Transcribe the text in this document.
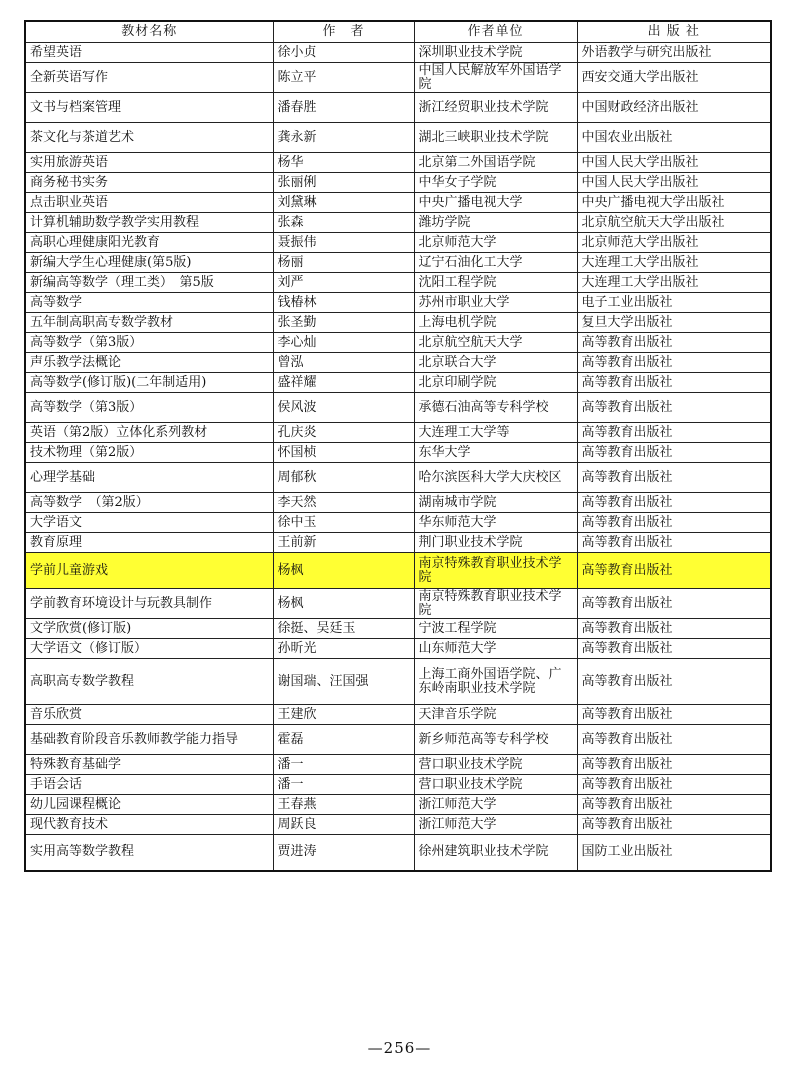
教材名称	作　者	作者单位	出 版 社
希望英语	徐小贞	深圳职业技术学院	外语教学与研究出版社
全新英语写作	陈立平	中国人民解放军外国语学院	西安交通大学出版社
文书与档案管理	潘春胜	浙江经贸职业技术学院	中国财政经济出版社
茶文化与茶道艺术	龚永新	湖北三峡职业技术学院	中国农业出版社
实用旅游英语	杨华	北京第二外国语学院	中国人民大学出版社
商务秘书实务	张丽俐	中华女子学院	中国人民大学出版社
点击职业英语	刘黛琳	中央广播电视大学	中央广播电视大学出版社
计算机辅助数学教学实用教程	张森	潍坊学院	北京航空航天大学出版社
高职心理健康阳光教育	聂振伟	北京师范大学	北京师范大学出版社
新编大学生心理健康(第5版)	杨丽	辽宁石油化工大学	大连理工大学出版社
新编高等数学（理工类）　第5版	刘严	沈阳工程学院	大连理工大学出版社
高等数学	钱椿林	苏州市职业大学	电子工业出版社
五年制高职高专数学教材	张圣勤	上海电机学院	复旦大学出版社
高等数学（第3版）	李心灿	北京航空航天大学	高等教育出版社
声乐教学法概论	曾泓	北京联合大学	高等教育出版社
高等数学(修订版)(二年制适用)	盛祥耀	北京印刷学院	高等教育出版社
高等数学（第3版）	侯风波	承德石油高等专科学校	高等教育出版社
英语（第2版）立体化系列教材	孔庆炎	大连理工大学等	高等教育出版社
技术物理（第2版）	怀国桢	东华大学	高等教育出版社
心理学基础	周郁秋	哈尔滨医科大学大庆校区	高等教育出版社
高等数学　（第2版）	李天然	湖南城市学院	高等教育出版社
大学语文	徐中玉	华东师范大学	高等教育出版社
教育原理	王前新	荆门职业技术学院	高等教育出版社
学前儿童游戏	杨枫	南京特殊教育职业技术学院	高等教育出版社
学前教育环境设计与玩教具制作	杨枫	南京特殊教育职业技术学院	高等教育出版社
文学欣赏(修订版)	徐挺、吴廷玉	宁波工程学院	高等教育出版社
大学语文（修订版）	孙昕光	山东师范大学	高等教育出版社
高职高专数学教程	谢国瑞、汪国强	上海工商外国语学院、广东岭南职业技术学院	高等教育出版社
音乐欣赏	王建欣	天津音乐学院	高等教育出版社
基础教育阶段音乐教师教学能力指导	霍磊	新乡师范高等专科学校	高等教育出版社
特殊教育基础学	潘一	营口职业技术学院	高等教育出版社
手语会话	潘一	营口职业技术学院	高等教育出版社
幼儿园课程概论	王春燕	浙江师范大学	高等教育出版社
现代教育技术	周跃良	浙江师范大学	高等教育出版社
实用高等数学教程	贾进涛	徐州建筑职业技术学院	国防工业出版社
—256—
